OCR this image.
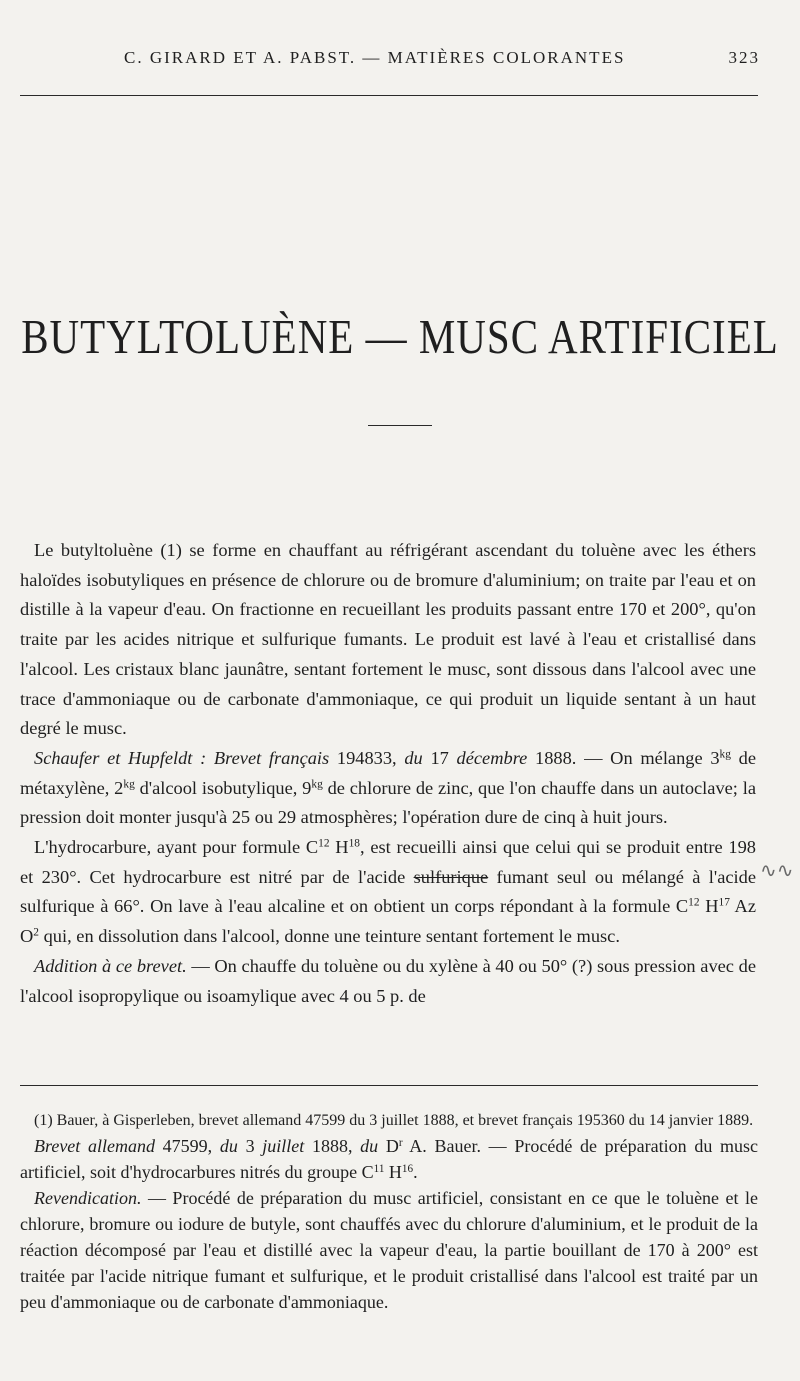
C. GIRARD ET A. PABST. — MATIÈRES COLORANTES	323
BUTYLTOLUÈNE — MUSC ARTIFICIEL

Le butyltoluène (1) se forme en chauffant au réfrigérant ascendant du toluène avec les éthers haloïdes isobutyliques en présence de chlorure ou de bromure d'aluminium; on traite par l'eau et on distille à la vapeur d'eau. On fractionne en recueillant les produits passant entre 170 et 200°, qu'on traite par les acides nitrique et sulfurique fumants. Le produit est lavé à l'eau et cristallisé dans l'alcool. Les cristaux blanc jaunâtre, sentant fortement le musc, sont dissous dans l'alcool avec une trace d'ammoniaque ou de carbonate d'ammoniaque, ce qui produit un liquide sentant à un haut degré le musc.

Schaufer et Hupfeldt : Brevet français 194833, du 17 décembre 1888. — On mélange $3^{kg}$ de métaxylène, $2^{kg}$ d'alcool isobutylique, $9^{kg}$ de chlorure de zinc, que l'on chauffe dans un autoclave; la pression doit monter jusqu'à 25 ou 29 atmosphères; l'opération dure de cinq à huit jours.

L'hydrocarbure, ayant pour formule $C^{12}$ $H^{18}$, est recueilli ainsi que celui qui se produit entre 198 et 230°. Cet hydrocarbure est nitré par de l'acide sulfurique fumant seul ou mélangé à l'acide sulfurique à 66°. On lave à l'eau alcaline et on obtient un corps répondant à la formule $C^{12}$ $H^{17}$ Az $O^2$ qui, en dissolution dans l'alcool, donne une teinture sentant fortement le musc.

Addition à ce brevet. — On chauffe du toluène ou du xylène à 40 ou 50° (?) sous pression avec de l'alcool isopropylique ou isoamylique avec 4 ou 5 p. de

∿∿

(1) Bauer, à Gisperleben, brevet allemand 47599 du 3 juillet 1888, et brevet français 195360 du 14 janvier 1889.

Brevet allemand 47599, du 3 juillet 1888, du $D^r$ A. Bauer. — Procédé de préparation du musc artificiel, soit d'hydrocarbures nitrés du groupe $C^{11}$ $H^{16}$.

Revendication. — Procédé de préparation du musc artificiel, consistant en ce que le toluène et le chlorure, bromure ou iodure de butyle, sont chauffés avec du chlorure d'aluminium, et le produit de la réaction décomposé par l'eau et distillé avec la vapeur d'eau, la partie bouillant de 170 à 200° est traitée par l'acide nitrique fumant et sulfurique, et le produit cristallisé dans l'alcool est traité par un peu d'ammoniaque ou de carbonate d'ammoniaque.
